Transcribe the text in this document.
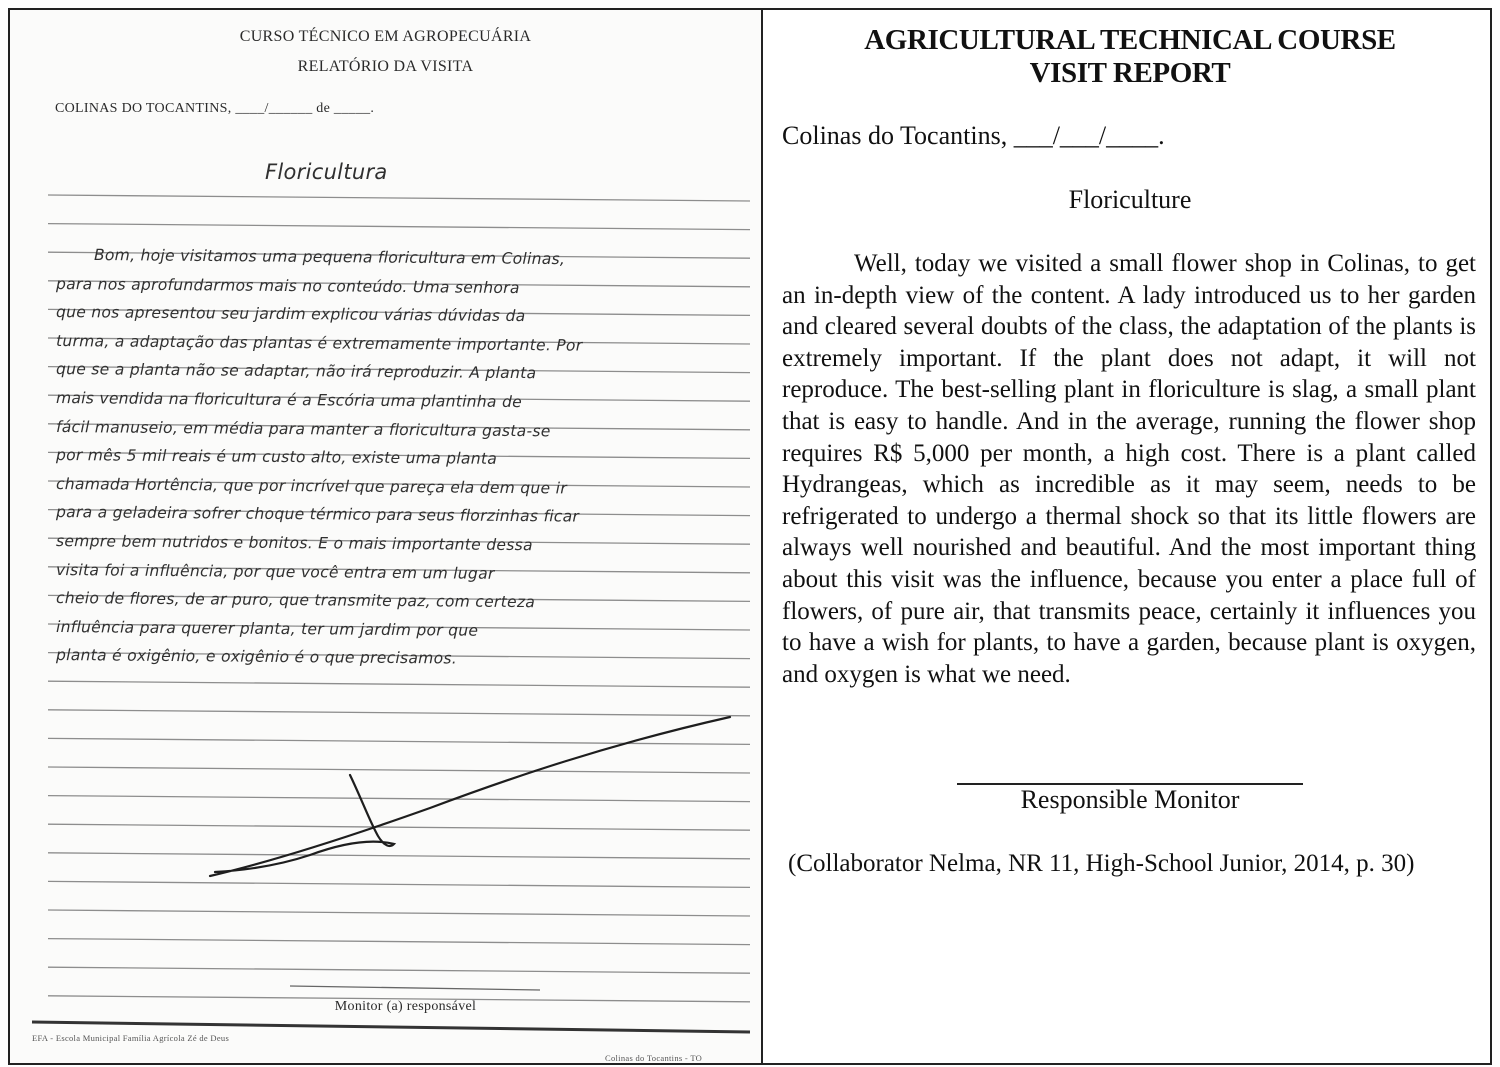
CURSO TÉCNICO EM AGROPECUÁRIA
RELATÓRIO DA VISITA
COLINAS DO TOCANTINS, ____/______ de _____.
Floricultura
Bom, hoje visitamos uma pequena floricultura em Colinas,
para nos aprofundarmos mais no conteúdo. Uma senhora
que nos apresentou seu jardim explicou várias dúvidas da
turma, a adaptação das plantas é extremamente importante. Por
que se a planta não se adaptar, não irá reproduzir. A planta
mais vendida na floricultura é a Escória uma plantinha de
fácil manuseio, em média para manter a floricultura gasta-se
por mês 5 mil reais é um custo alto, existe uma planta
chamada Hortência, que por incrível que pareça ela dem que ir
para a geladeira sofrer choque térmico para seus florzinhas ficar
sempre bem nutridos e bonitos. E o mais importante dessa
visita foi a influência, por que você entra em um lugar
cheio de flores, de ar puro, que transmite paz, com certeza
influência para querer planta, ter um jardim por que
planta é oxigênio, e oxigênio é o que precisamos.
Monitor (a) responsável
EFA - Escola Municipal Família Agrícola Zé de Deus
Colinas do Tocantins - TO
AGRICULTURAL TECHNICAL COURSE
VISIT REPORT
Colinas do Tocantins, ___/___/____.
Floriculture
Well, today we visited a small flower shop in Colinas, to get an in-depth view of the content. A lady introduced us to her garden and cleared several doubts of the class, the adaptation of the plants is extremely important. If the plant does not adapt, it will not reproduce. The best-selling plant in floriculture is slag, a small plant that is easy to handle. And in the average, running the flower shop requires R$ 5,000 per month, a high cost. There is a plant called Hydrangeas, which as incredible as it may seem, needs to be refrigerated to undergo a thermal shock so that its little flowers are always well nourished and beautiful. And the most important thing about this visit was the influence, because you enter a place full of flowers, of pure air, that transmits peace, certainly it influences you to have a wish for plants, to have a garden, because plant is oxygen, and oxygen is what we need.
Responsible Monitor
(Collaborator Nelma, NR 11, High-School Junior, 2014, p. 30)
